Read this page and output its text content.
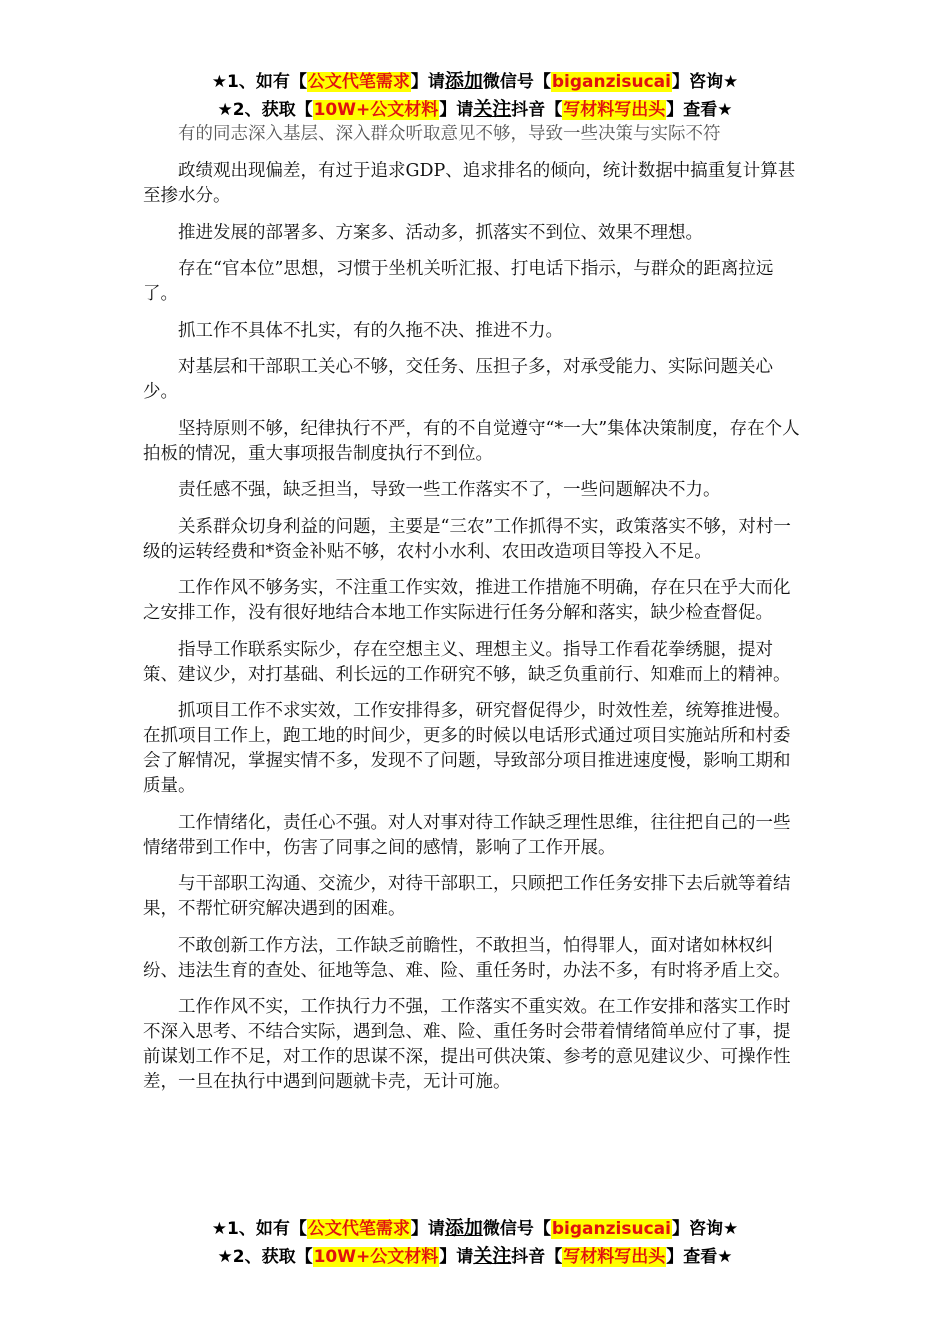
★1、如有【公文代笔需求】请添加微信号【biganzisucai】咨询★
★2、获取【10W+公文材料】请关注抖音【写材料写出头】查看★

有的同志深入基层、深入群众听取意见不够，导致一些决策与实际不符

政绩观出现偏差，有过于追求GDP、追求排名的倾向，统计数据中搞重复计算甚至掺水分。

推进发展的部署多、方案多、活动多，抓落实不到位、效果不理想。

存在“官本位”思想，习惯于坐机关听汇报、打电话下指示，与群众的距离拉远了。

抓工作不具体不扎实，有的久拖不决、推进不力。

对基层和干部职工关心不够，交任务、压担子多，对承受能力、实际问题关心少。

坚持原则不够，纪律执行不严，有的不自觉遵守“*一大”集体决策制度，存在个人拍板的情况，重大事项报告制度执行不到位。

责任感不强，缺乏担当，导致一些工作落实不了，一些问题解决不力。

关系群众切身利益的问题，主要是“三农”工作抓得不实，政策落实不够，对村一级的运转经费和*资金补贴不够，农村小水利、农田改造项目等投入不足。

工作作风不够务实，不注重工作实效，推进工作措施不明确，存在只在乎大而化之安排工作，没有很好地结合本地工作实际进行任务分解和落实，缺少检查督促。

指导工作联系实际少，存在空想主义、理想主义。指导工作看花拳绣腿，提对策、建议少，对打基础、利长远的工作研究不够，缺乏负重前行、知难而上的精神。

抓项目工作不求实效，工作安排得多，研究督促得少，时效性差，统筹推进慢。在抓项目工作上，跑工地的时间少，更多的时候以电话形式通过项目实施站所和村委会了解情况，掌握实情不多，发现不了问题，导致部分项目推进速度慢，影响工期和质量。

工作情绪化，责任心不强。对人对事对待工作缺乏理性思维，往往把自己的一些情绪带到工作中，伤害了同事之间的感情，影响了工作开展。

与干部职工沟通、交流少，对待干部职工，只顾把工作任务安排下去后就等着结果，不帮忙研究解决遇到的困难。

不敢创新工作方法，工作缺乏前瞻性，不敢担当，怕得罪人，面对诸如林权纠纷、违法生育的查处、征地等急、难、险、重任务时，办法不多，有时将矛盾上交。

工作作风不实，工作执行力不强，工作落实不重实效。在工作安排和落实工作时不深入思考、不结合实际，遇到急、难、险、重任务时会带着情绪简单应付了事，提前谋划工作不足，对工作的思谋不深，提出可供决策、参考的意见建议少、可操作性差，一旦在执行中遇到问题就卡壳，无计可施。

★1、如有【公文代笔需求】请添加微信号【biganzisucai】咨询★
★2、获取【10W+公文材料】请关注抖音【写材料写出头】查看★
